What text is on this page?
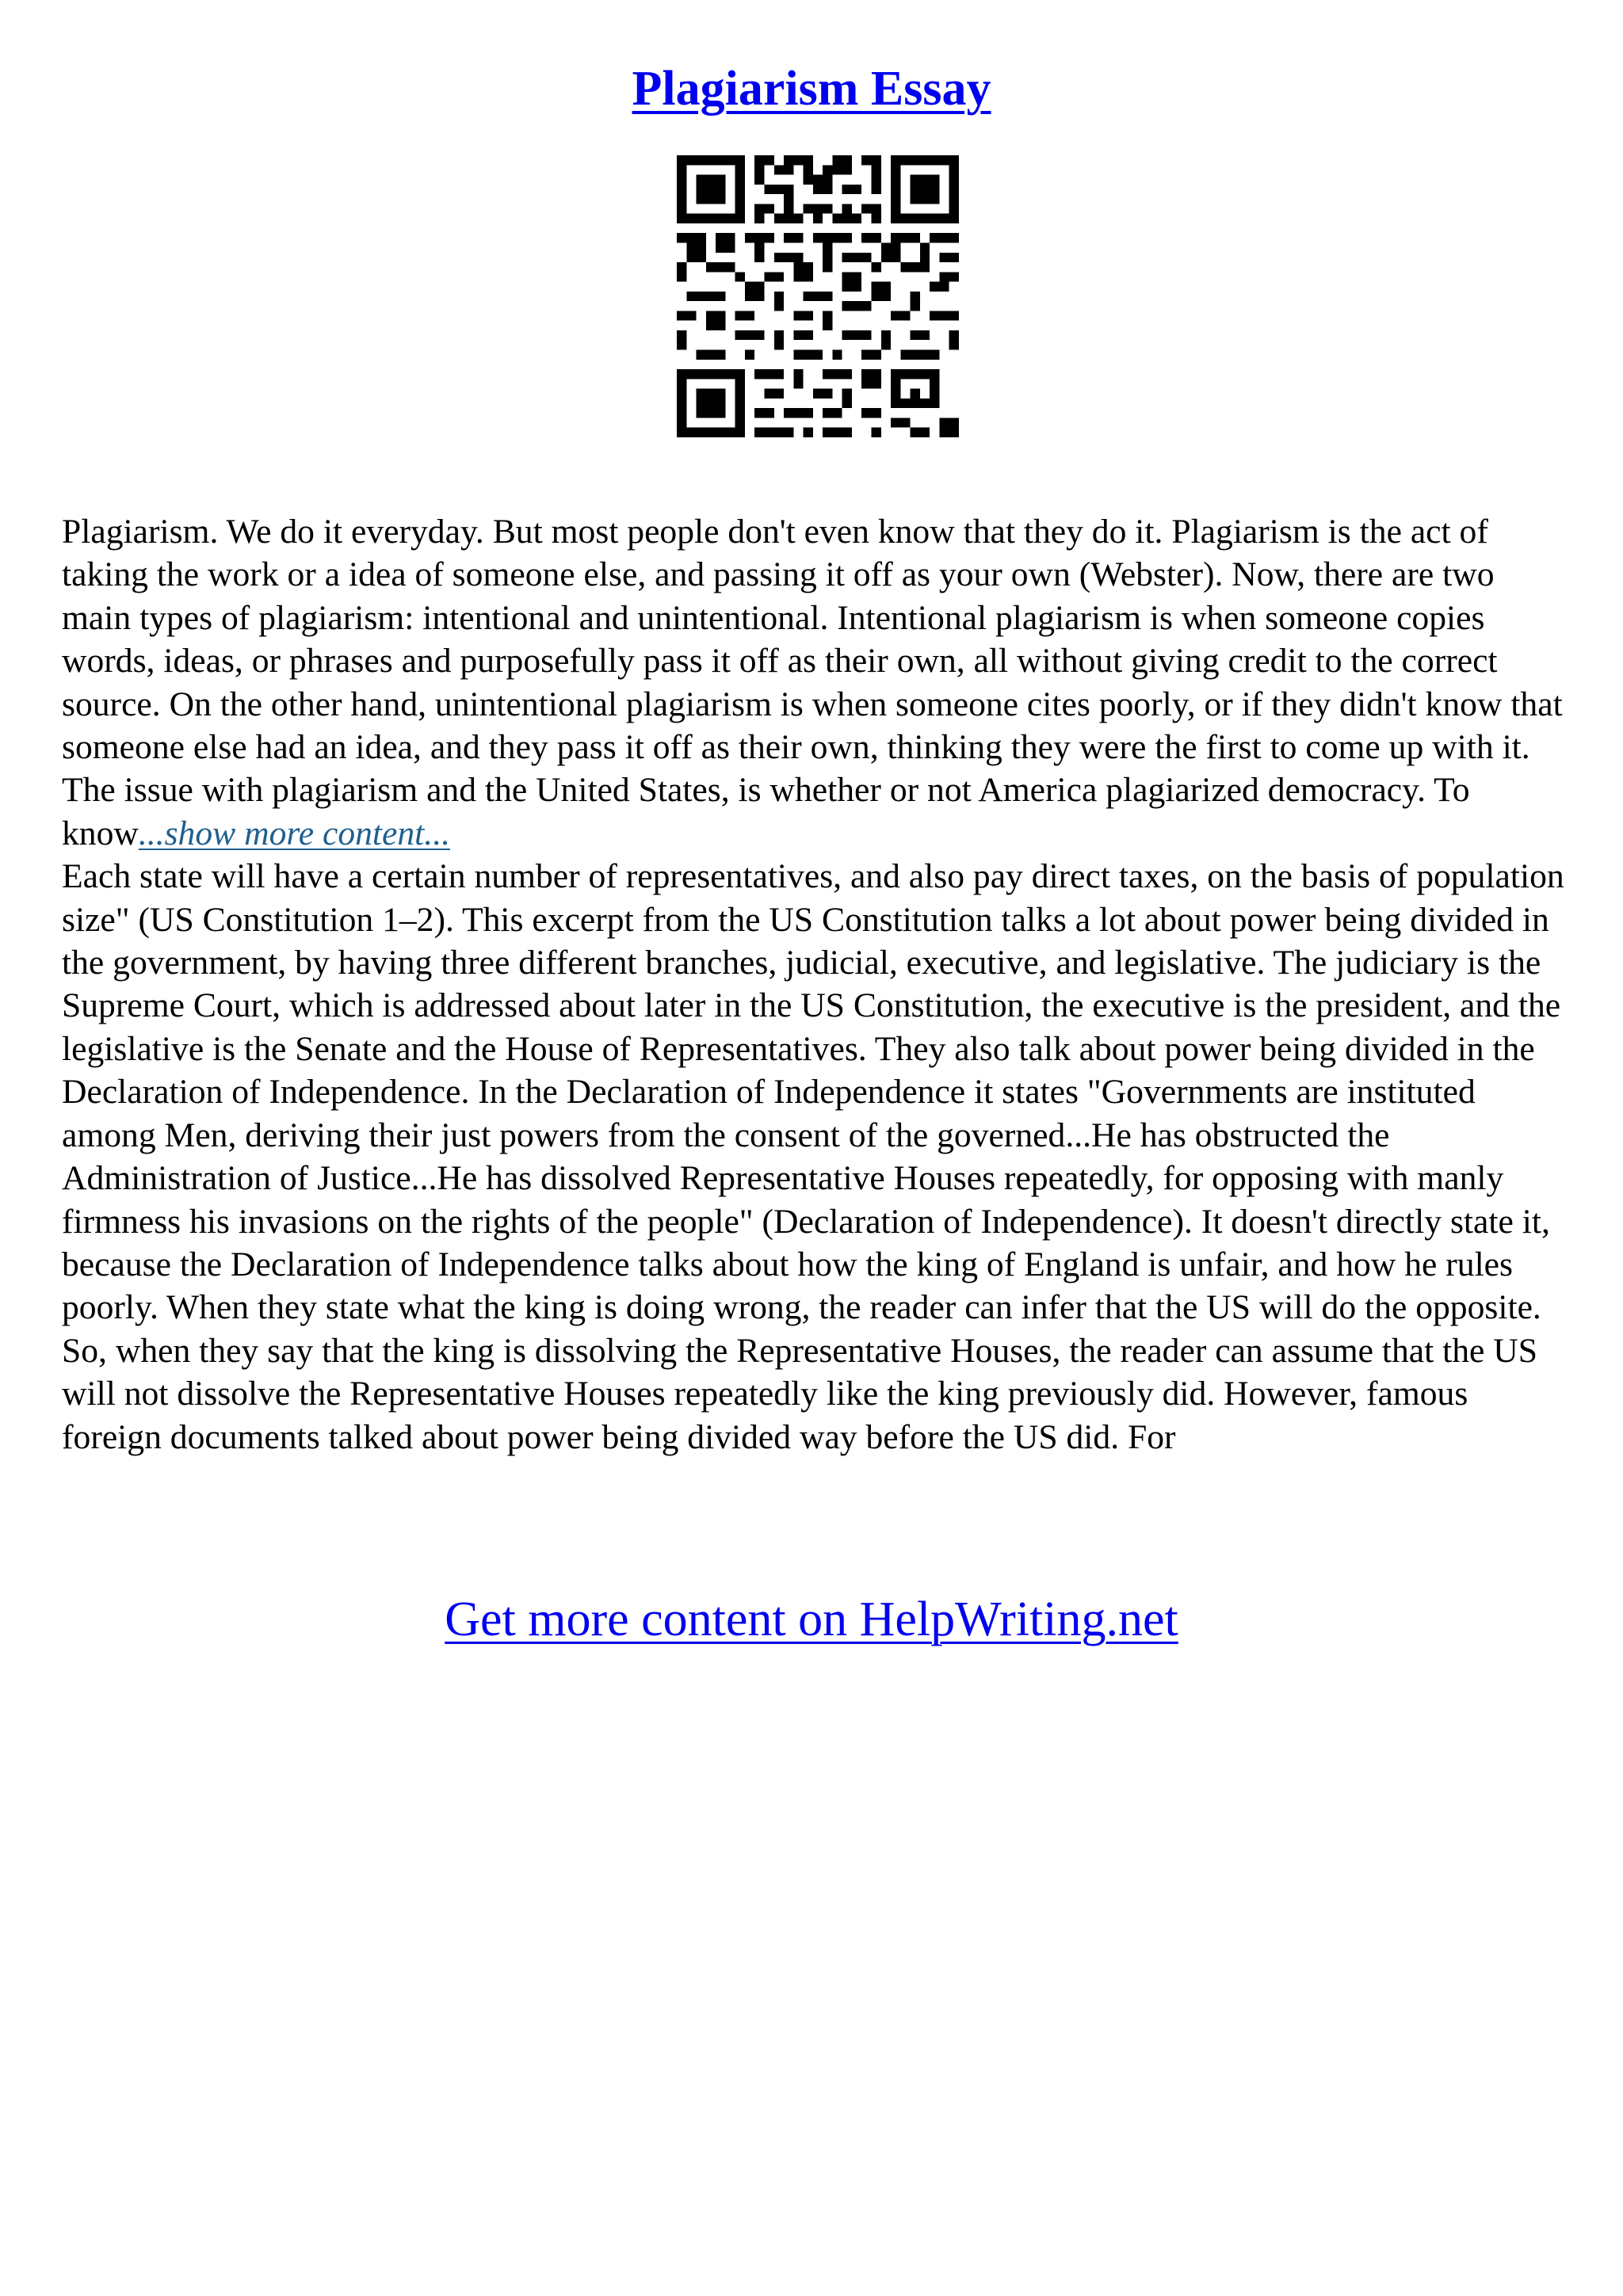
Plagiarism Essay

Plagiarism. We do it everyday. But most people don't even know that they do it. Plagiarism is the act of taking the work or a idea of someone else, and passing it off as your own (Webster). Now, there are two main types of plagiarism: intentional and unintentional. Intentional plagiarism is when someone copies words, ideas, or phrases and purposefully pass it off as their own, all without giving credit to the correct source. On the other hand, unintentional plagiarism is when someone cites poorly, or if they didn't know that someone else had an idea, and they pass it off as their own, thinking they were the first to come up with it. The issue with plagiarism and the United States, is whether or not America plagiarized democracy. To know...show more content...

Each state will have a certain number of representatives, and also pay direct taxes, on the basis of population size" (US Constitution 1–2). This excerpt from the US Constitution talks a lot about power being divided in the government, by having three different branches, judicial, executive, and legislative. The judiciary is the Supreme Court, which is addressed about later in the US Constitution, the executive is the president, and the legislative is the Senate and the House of Representatives. They also talk about power being divided in the Declaration of Independence. In the Declaration of Independence it states "Governments are instituted among Men, deriving their just powers from the consent of the governed...He has obstructed the Administration of Justice...He has dissolved Representative Houses repeatedly, for opposing with manly firmness his invasions on the rights of the people" (Declaration of Independence). It doesn't directly state it, because the Declaration of Independence talks about how the king of England is unfair, and how he rules poorly. When they state what the king is doing wrong, the reader can infer that the US will do the opposite. So, when they say that the king is dissolving the Representative Houses, the reader can assume that the US will not dissolve the Representative Houses repeatedly like the king previously did. However, famous foreign documents talked about power being divided way before the US did. For

Get more content on HelpWriting.net
